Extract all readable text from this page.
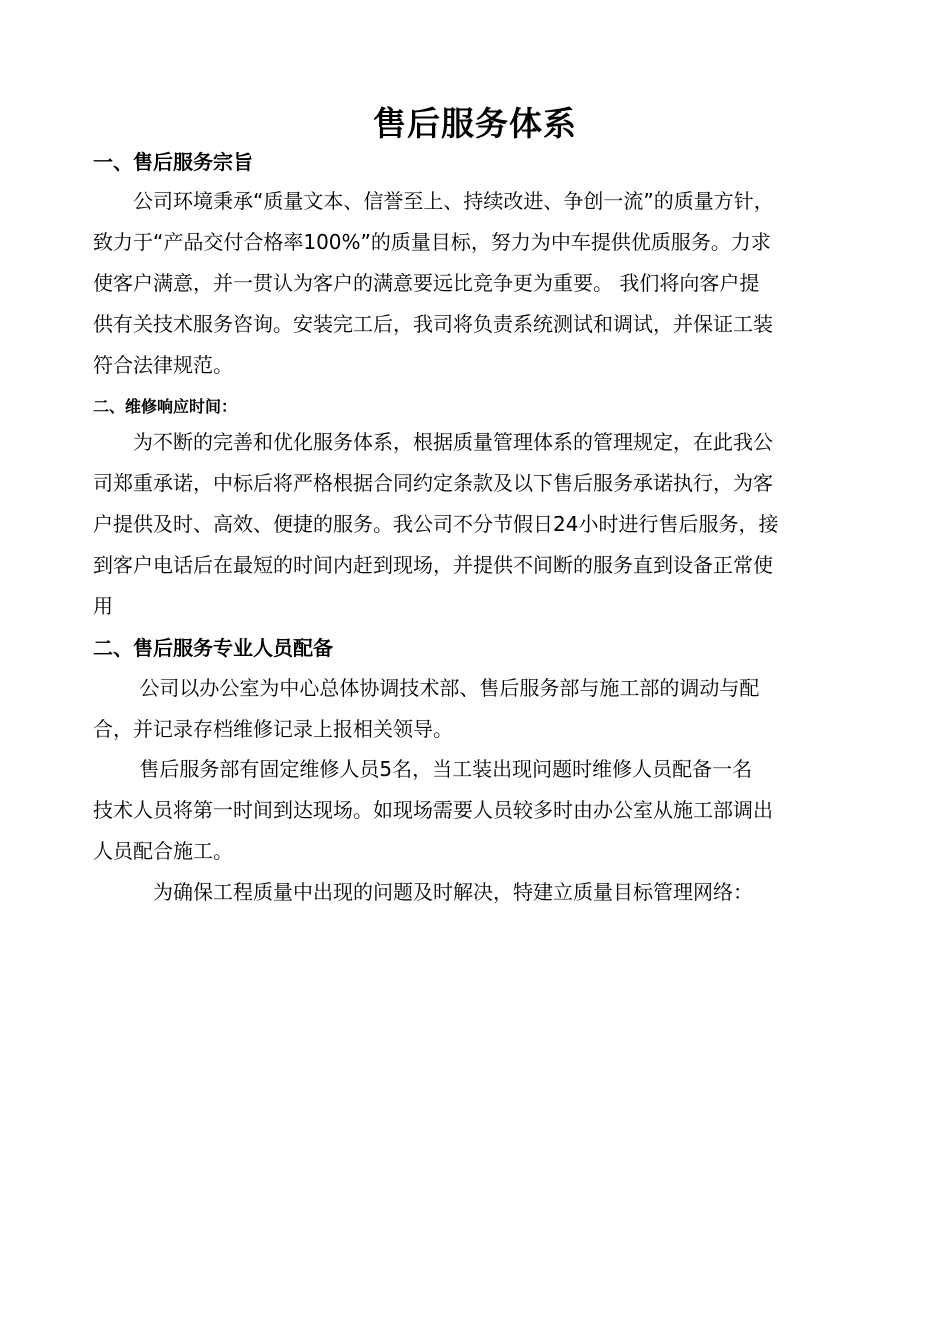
售后服务体系
一、售后服务宗旨
　　公司环境秉承“质量文本、信誉至上、持续改进、争创一流”的质量方针，
致力于“产品交付合格率100%”的质量目标，努力为中车提供优质服务。力求
使客户满意，并一贯认为客户的满意要远比竞争更为重要。 我们将向客户提
供有关技术服务咨询。安装完工后，我司将负责系统测试和调试，并保证工装
符合法律规范。
二、维修响应时间：
　　为不断的完善和优化服务体系，根据质量管理体系的管理规定，在此我公
司郑重承诺，中标后将严格根据合同约定条款及以下售后服务承诺执行，为客
户提供及时、高效、便捷的服务。我公司不分节假日24小时进行售后服务，接
到客户电话后在最短的时间内赶到现场，并提供不间断的服务直到设备正常使
用
二、售后服务专业人员配备
　　 公司以办公室为中心总体协调技术部、售后服务部与施工部的调动与配
合，并记录存档维修记录上报相关领导。
　　 售后服务部有固定维修人员5名，当工装出现问题时维修人员配备一名
技术人员将第一时间到达现场。如现场需要人员较多时由办公室从施工部调出
人员配合施工。
　　　为确保工程质量中出现的问题及时解决，特建立质量目标管理网络：
